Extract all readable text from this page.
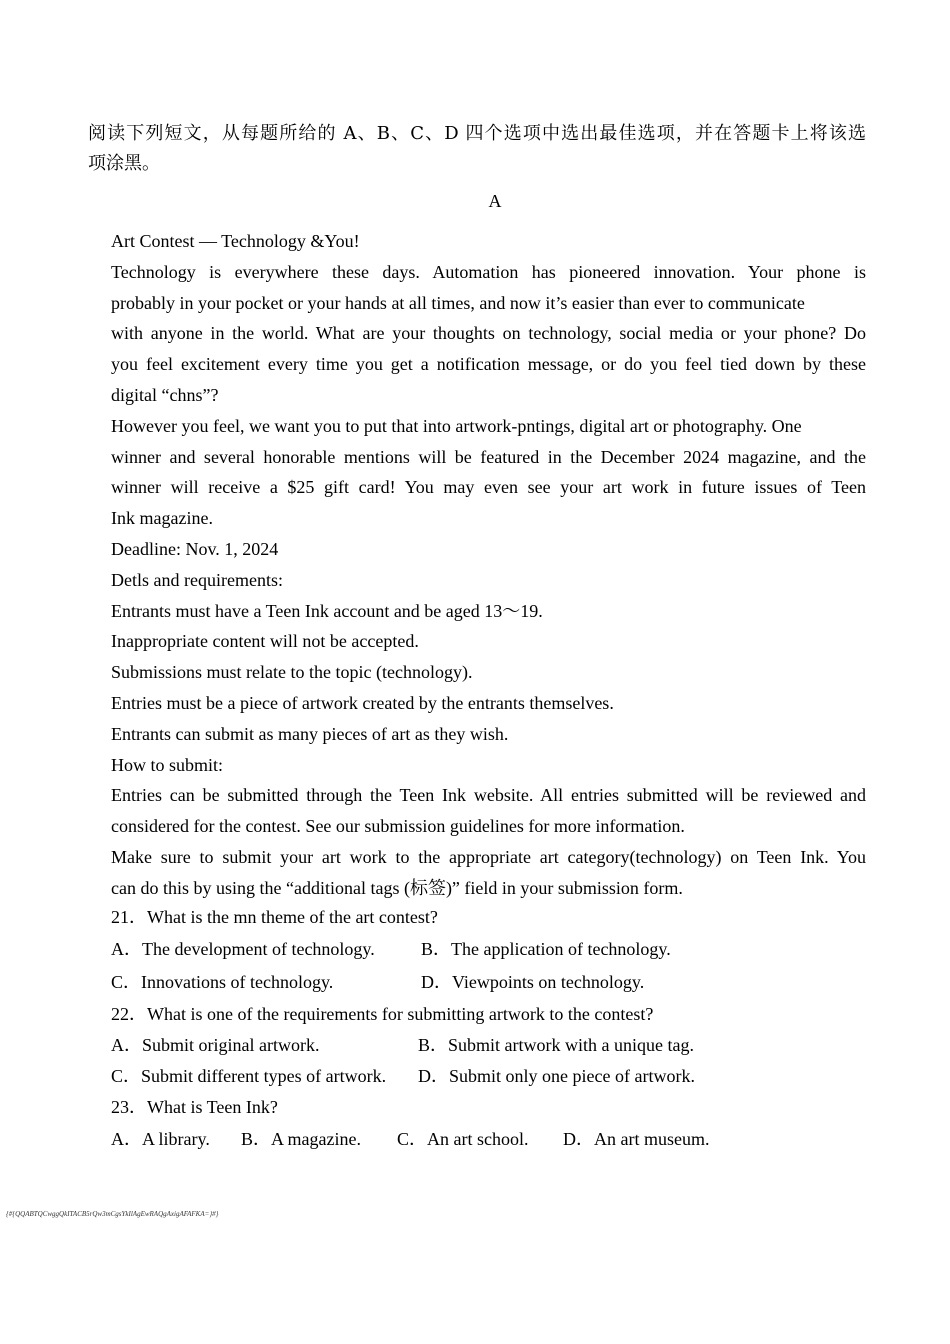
阅读下列短文，从每题所给的 A、B、C、D 四个选项中选出最佳选项，并在答题卡上将该选
项涂黑。
A
Art Contest — Technology &You!
Technology is everywhere these days. Automation has pioneered innovation. Your phone is
probably in your pocket or your hands at all times, and now it’s easier than ever to communicate
with anyone in the world. What are your thoughts on technology, social media or your phone? Do
you feel excitement every time you get a notification message, or do you feel tied down by these
digital “chns”?
However you feel, we want you to put that into artwork-pntings, digital art or photography. One
winner and several honorable mentions will be featured in the December 2024 magazine, and the
winner will receive a $25 gift card! You may even see your art work in future issues of Teen
Ink magazine.
Deadline: Nov. 1, 2024
Detls and requirements:
Entrants must have a Teen Ink account and be aged 13～19.
Inappropriate content will not be accepted.
Submissions must relate to the topic (technology).
Entries must be a piece of artwork created by the entrants themselves.
Entrants can submit as many pieces of art as they wish.
How to submit:
Entries can be submitted through the Teen Ink website. All entries submitted will be reviewed and
considered for the contest. See our submission guidelines for more information.
Make sure to submit your art work to the appropriate art category(technology) on Teen Ink. You
can do this by using the “additional tags (标签)” field in your submission form.
21．What is the mn theme of the art contest?
A．The development of technology.	B．The application of technology.
C．Innovations of technology.	D．Viewpoints on technology.
22．What is one of the requirements for submitting artwork to the contest?
A．Submit original artwork.	B．Submit artwork with a unique tag.
C．Submit different types of artwork. D．Submit only one piece of artwork.
23．What is Teen Ink?
A．A library. B．A magazine. C．An art school. D．An art museum.
{#{QQABTQCwggQkITACB5rQw3mCgsYkIlAgEwRAQgAxigAFAFKA=}#}
